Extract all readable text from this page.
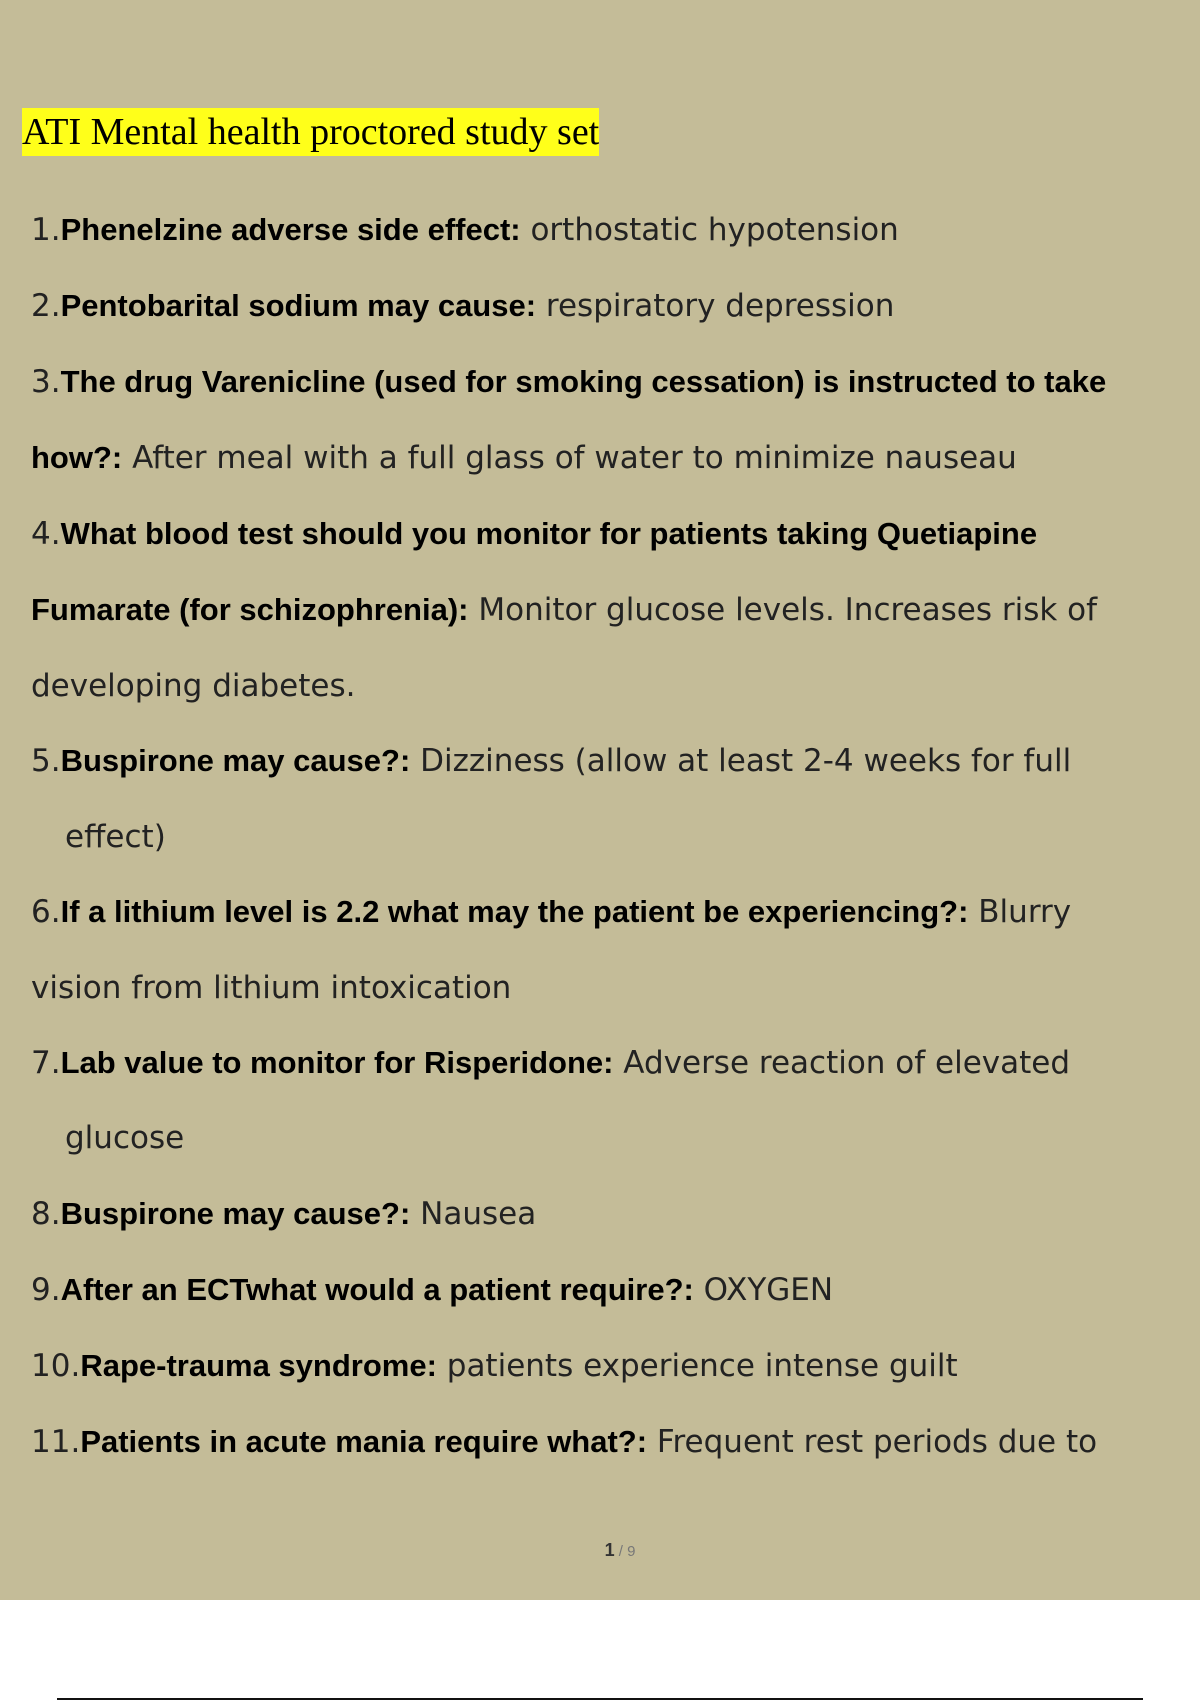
ATI Mental health proctored study set
1.Phenelzine adverse side effect: orthostatic hypotension
2.Pentobarital sodium may cause: respiratory depression
3.The drug Varenicline (used for smoking cessation) is instructed to take
how?: After meal with a full glass of water to minimize nauseau
4.What blood test should you monitor for patients taking Quetiapine
Fumarate (for schizophrenia): Monitor glucose levels. Increases risk of
developing diabetes.
5.Buspirone may cause?: Dizziness (allow at least 2-4 weeks for full
effect)
6.If a lithium level is 2.2 what may the patient be experiencing?: Blurry
vision from lithium intoxication
7.Lab value to monitor for Risperidone: Adverse reaction of elevated
glucose
8.Buspirone may cause?: Nausea
9.After an ECTwhat would a patient require?: OXYGEN
10.Rape-trauma syndrome: patients experience intense guilt
11.Patients in acute mania require what?: Frequent rest periods due to
1 / 9
